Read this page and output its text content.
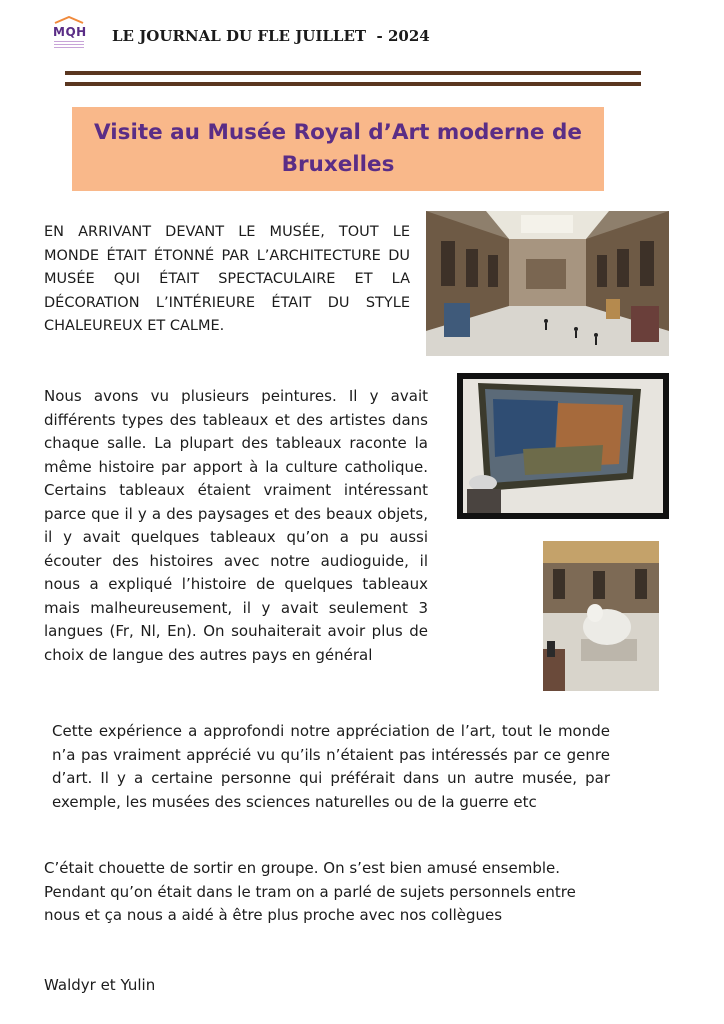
MQH LE JOURNAL DU FLE JUILLET  - 2024
Visite au Musée Royal d’Art moderne de Bruxelles
EN ARRIVANT DEVANT LE MUSÉE, TOUT LE MONDE ÉTAIT ÉTONNÉ PAR L’ARCHITECTURE DU MUSÉE QUI ÉTAIT SPECTACULAIRE ET LA DÉCORATION L’INTÉRIEURE ÉTAIT DU STYLE CHALEUREUX ET CALME.
Nous avons vu plusieurs peintures. Il y avait différents types des tableaux et des artistes dans chaque salle. La plupart des tableaux raconte la même histoire par apport à la culture catholique. Certains tableaux étaient vraiment intéressant parce que il y a des paysages et des beaux objets, il y avait quelques tableaux qu’on a pu aussi écouter des histoires avec notre audioguide, il nous a expliqué l’histoire de quelques tableaux mais malheureusement, il y avait seulement 3 langues (Fr, Nl, En). On souhaiterait avoir plus de choix de langue des autres pays en général
Cette expérience a approfondi notre appréciation de l’art, tout le monde n’a pas vraiment apprécié vu qu’ils n’étaient pas intéressés par ce genre d’art. Il y a certaine personne qui préférait dans un autre musée, par exemple, les musées des sciences naturelles ou de la guerre etc
C’était chouette de sortir en groupe. On s’est bien amusé ensemble. Pendant qu’on était dans le tram on a parlé de sujets personnels entre nous et ça nous a aidé à être plus proche avec nos collègues
Waldyr et Yulin
